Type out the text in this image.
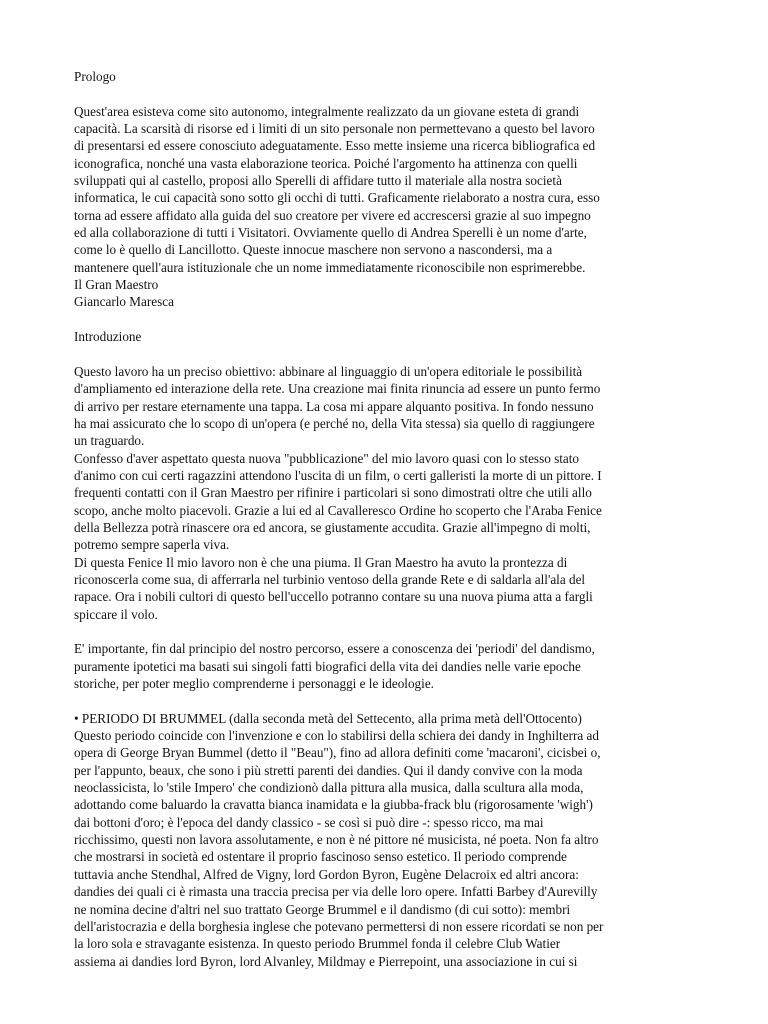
Prologo

Quest'area esisteva come sito autonomo, integralmente realizzato da un giovane esteta di grandi
capacità. La scarsità di risorse ed i limiti di un sito personale non permettevano a questo bel lavoro
di presentarsi ed essere conosciuto adeguatamente. Esso mette insieme una ricerca bibliografica ed
iconografica, nonché una vasta elaborazione teorica. Poiché l'argomento ha attinenza con quelli
sviluppati qui al castello, proposi allo Sperelli di affidare tutto il materiale alla nostra società
informatica, le cui capacità sono sotto gli occhi di tutti. Graficamente rielaborato a nostra cura, esso
torna ad essere affidato alla guida del suo creatore per vivere ed accrescersi grazie al suo impegno
ed alla collaborazione di tutti i Visitatori. Ovviamente quello di Andrea Sperelli è un nome d'arte,
come lo è quello di Lancillotto. Queste innocue maschere non servono a nascondersi, ma a
mantenere quell'aura istituzionale che un nome immediatamente riconoscibile non esprimerebbe.

Il Gran Maestro

Giancarlo Maresca

Introduzione

Questo lavoro ha un preciso obiettivo: abbinare al linguaggio di un'opera editoriale le possibilità
d'ampliamento ed interazione della rete. Una creazione mai finita rinuncia ad essere un punto fermo
di arrivo per restare eternamente una tappa. La cosa mi appare alquanto positiva. In fondo nessuno
ha mai assicurato che lo scopo di un'opera (e perché no, della Vita stessa) sia quello di raggiungere
un traguardo.

Confesso d'aver aspettato questa nuova "pubblicazione" del mio lavoro quasi con lo stesso stato
d'animo con cui certi ragazzini attendono l'uscita di un film, o certi galleristi la morte di un pittore. I
frequenti contatti con il Gran Maestro per rifinire i particolari si sono dimostrati oltre che utili allo
scopo, anche molto piacevoli. Grazie a lui ed al Cavalleresco Ordine ho scoperto che l'Araba Fenice
della Bellezza potrà rinascere ora ed ancora, se giustamente accudita. Grazie all'impegno di molti,
potremo sempre saperla viva.

Di questa Fenice Il mio lavoro non è che una piuma. Il Gran Maestro ha avuto la prontezza di
riconoscerla come sua, di afferrarla nel turbinio ventoso della grande Rete e di saldarla all'ala del
rapace. Ora i nobili cultori di questo bell'uccello potranno contare su una nuova piuma atta a fargli
spiccare il volo.

E' importante, fin dal principio del nostro percorso, essere a conoscenza dei 'periodi' del dandismo,
puramente ipotetici ma basati sui singoli fatti biografici della vita dei dandies nelle varie epoche
storiche, per poter meglio comprenderne i personaggi e le ideologie.

• PERIODO DI BRUMMEL (dalla seconda metà del Settecento, alla prima metà dell'Ottocento)

Questo periodo coincide con l'invenzione e con lo stabilirsi della schiera dei dandy in Inghilterra ad
opera di George Bryan Bummel (detto il "Beau"), fino ad allora definiti come 'macaroni', cicisbei o,
per l'appunto, beaux, che sono i più stretti parenti dei dandies. Qui il dandy convive con la moda
neoclassicista, lo 'stile Impero' che condizionò dalla pittura alla musica, dalla scultura alla moda,
adottando come baluardo la cravatta bianca inamidata e la giubba-frack blu (rigorosamente 'wigh')
dai bottoni d'oro; è l'epoca del dandy classico - se così si può dire -: spesso ricco, ma mai
ricchissimo, questi non lavora assolutamente, e non è né pittore né musicista, né poeta. Non fa altro
che mostrarsi in società ed ostentare il proprio fascinoso senso estetico. Il periodo comprende
tuttavia anche Stendhal, Alfred de Vigny, lord Gordon Byron, Eugène Delacroix ed altri ancora:
dandies dei quali ci è rimasta una traccia precisa per via delle loro opere. Infatti Barbey d'Aurevilly
ne nomina decine d'altri nel suo trattato George Brummel e il dandismo (di cui sotto): membri
dell'aristocrazia e della borghesia inglese che potevano permettersi di non essere ricordati se non per
la loro sola e stravagante esistenza. In questo periodo Brummel fonda il celebre Club Watier
assiema ai dandies lord Byron, lord Alvanley, Mildmay e Pierrepoint, una associazione in cui si
